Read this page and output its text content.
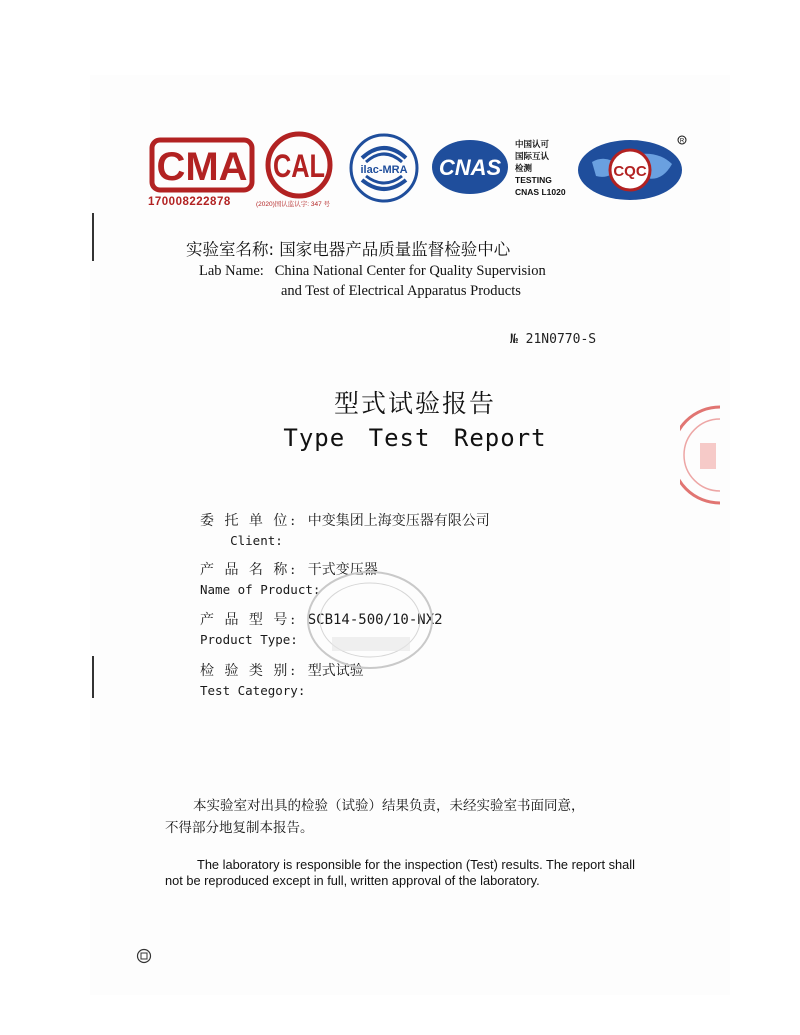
CMA
170008222878
CAL
(2020)国认监认字: 347 号
ilac-MRA CNAS
中国认可
国际互认
检测
TESTING
CNAS L1020
CQC
R
实验室名称: 国家电器产品质量监督检验中心
Lab Name:   China National Center for Quality Supervision
and Test of Electrical Apparatus Products
№ 21N0770-S
型式试验报告
Type Test Report
委 托 单 位: 中变集团上海变压器有限公司
Client:
产 品 名 称: 干式变压器
Name of Product:
产 品 型 号: SCB14-500/10-NX2
Product Type:
检 验 类 别: 型式试验
Test Category:
本实验室对出具的检验（试验）结果负责，未经实验室书面同意，
不得部分地复制本报告。
The laboratory is responsible for the inspection (Test) results. The report shall
not be reproduced except in full, written approval of the laboratory.
